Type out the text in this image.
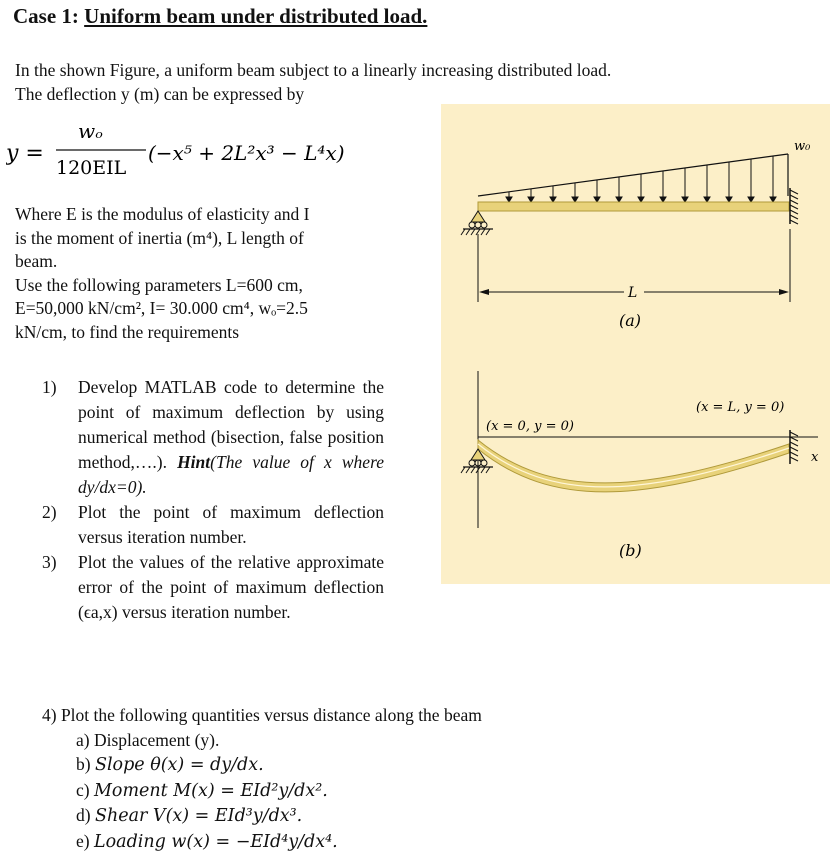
Case 1: Uniform beam under distributed load.
In the shown Figure, a uniform beam subject to a linearly increasing distributed load.
The deflection y (m) can be expressed by
y =
wₒ
120EIL
(−x⁵ + 2L²x³ − L⁴x)
Where E is the modulus of elasticity and I
is the moment of inertia (m⁴), L length of
beam.
Use the following parameters L=600 cm,
E=50,000 kN/cm², I= 30.000 cm⁴, wₒ=2.5
kN/cm, to find the requirements

1) Develop MATLAB code to determine the point of maximum deflection by using numerical method (bisection, false position method,….). Hint(The value of x where dy/dx=0).

2) Plot the point of maximum deflection versus iteration number.

3) Plot the values of the relative approximate error of the point of maximum deflection (ϵa,x) versus iteration number.

4) Plot the following quantities versus distance along the beam
a) Displacement (y).
b) Slope θ(x) = dy/dx.
c) Moment M(x) = EId²y/dx².
d) Shear V(x) = EId³y/dx³.
e) Loading w(x) = −EId⁴y/dx⁴.
w₀
L
(a)
(x = 0, y = 0)
(x = L, y = 0)
x
(b)
